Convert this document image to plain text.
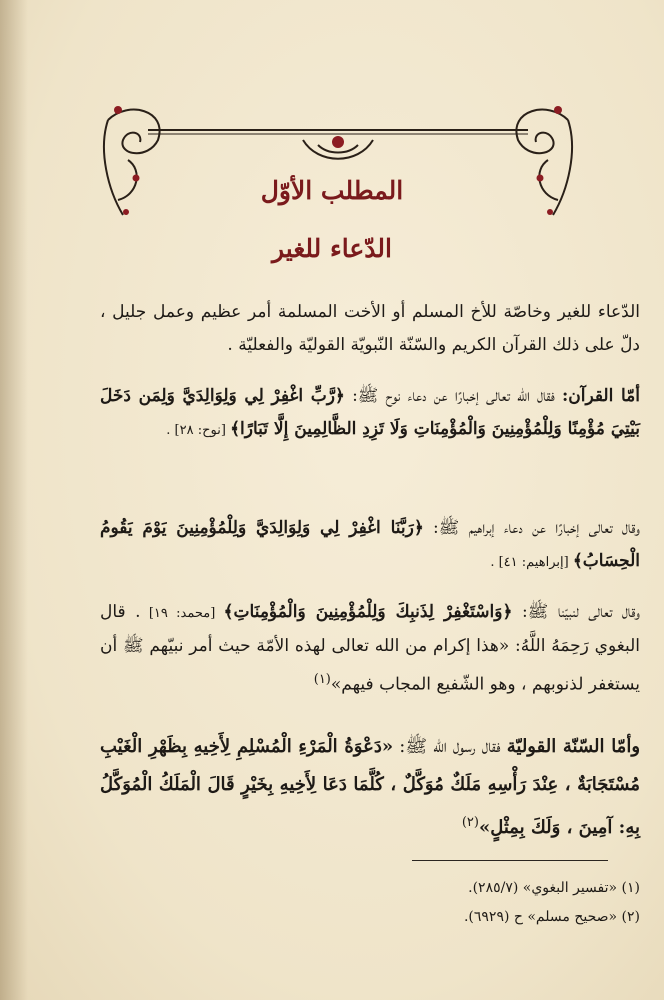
المطلب الأوّل
الدّعاء للغير

الدّعاء للغير وخاصّة للأخ المسلم أو الأخت المسلمة أمر عظيم وعمل جليل ، دلّ على ذلك القرآن الكريم والسّنّة النّبويّة القوليّة والفعليّة .

أمّا القرآن: فقال الله تعالى إخبارًا عن دعاء نوح ﷺ: ﴿رَّبِّ اغْفِرْ لِي وَلِوَالِدَيَّ وَلِمَن دَخَلَ بَيْتِيَ مُؤْمِنًا وَلِلْمُؤْمِنِينَ وَالْمُؤْمِنَاتِ وَلَا تَزِدِ الظَّالِمِينَ إِلَّا تَبَارًا﴾ [نوح: ٢٨] .

وقال تعالى إخبارًا عن دعاء إبراهيم ﷺ: ﴿رَبَّنَا اغْفِرْ لِي وَلِوَالِدَيَّ وَلِلْمُؤْمِنِينَ يَوْمَ يَقُومُ الْحِسَابُ﴾ [إبراهيم: ٤١] .

وقال تعالى لنبيّنا ﷺ: ﴿وَاسْتَغْفِرْ لِذَنبِكَ وَلِلْمُؤْمِنِينَ وَالْمُؤْمِنَاتِ﴾ [محمد: ١٩] . قال البغوي رَحِمَهُ اللَّهُ: «هذا إكرام من الله تعالى لهذه الأمّة حيث أمر نبيّهم ﷺ أن يستغفر لذنوبهم ، وهو الشّفيع المجاب فيهم»$^{(١)}$

وأمّا السّنّة القوليّة فقال رسول الله ﷺ: «دَعْوَةُ الْمَرْءِ الْمُسْلِمِ لِأَخِيهِ بِظَهْرِ الْغَيْبِ مُسْتَجَابَةٌ ، عِنْدَ رَأْسِهِ مَلَكٌ مُوَكَّلٌ ، كُلَّمَا دَعَا لِأَخِيهِ بِخَيْرٍ قَالَ الْمَلَكُ الْمُوَكَّلُ بِهِ: آمِينَ ، وَلَكَ بِمِثْلٍ»$^{(٢)}$

(١) «تفسير البغوي» (٢٨٥/٧).

(٢) «صحيح مسلم» ح (٦٩٢٩).
